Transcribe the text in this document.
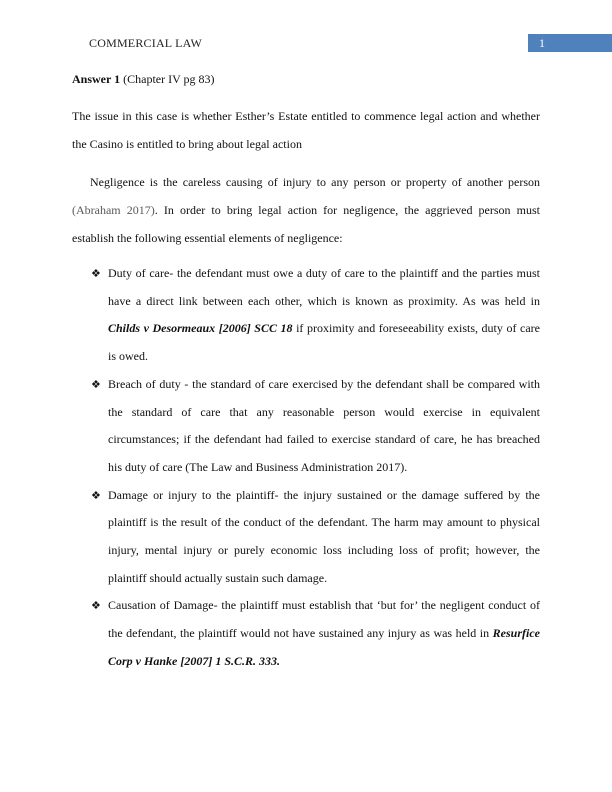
COMMERCIAL LAW	1

Answer 1 (Chapter IV pg 83)

The issue in this case is whether Esther’s Estate entitled to commence legal action and whether the Casino is entitled to bring about legal action

Negligence is the careless causing of injury to any person or property of another person (Abraham 2017). In order to bring legal action for negligence, the aggrieved person must establish the following essential elements of negligence:

❖ Duty of care- the defendant must owe a duty of care to the plaintiff and the parties must have a direct link between each other, which is known as proximity. As was held in Childs v Desormeaux [2006] SCC 18 if proximity and foreseeability exists, duty of care is owed.
❖ Breach of duty - the standard of care exercised by the defendant shall be compared with the standard of care that any reasonable person would exercise in equivalent circumstances; if the defendant had failed to exercise standard of care, he has breached his duty of care (The Law and Business Administration 2017).
❖ Damage or injury to the plaintiff- the injury sustained or the damage suffered by the plaintiff is the result of the conduct of the defendant. The harm may amount to physical injury, mental injury or purely economic loss including loss of profit; however, the plaintiff should actually sustain such damage.
❖ Causation of Damage- the plaintiff must establish that ‘but for’ the negligent conduct of the defendant, the plaintiff would not have sustained any injury as was held in Resurfice Corp v Hanke [2007] 1 S.C.R. 333.
